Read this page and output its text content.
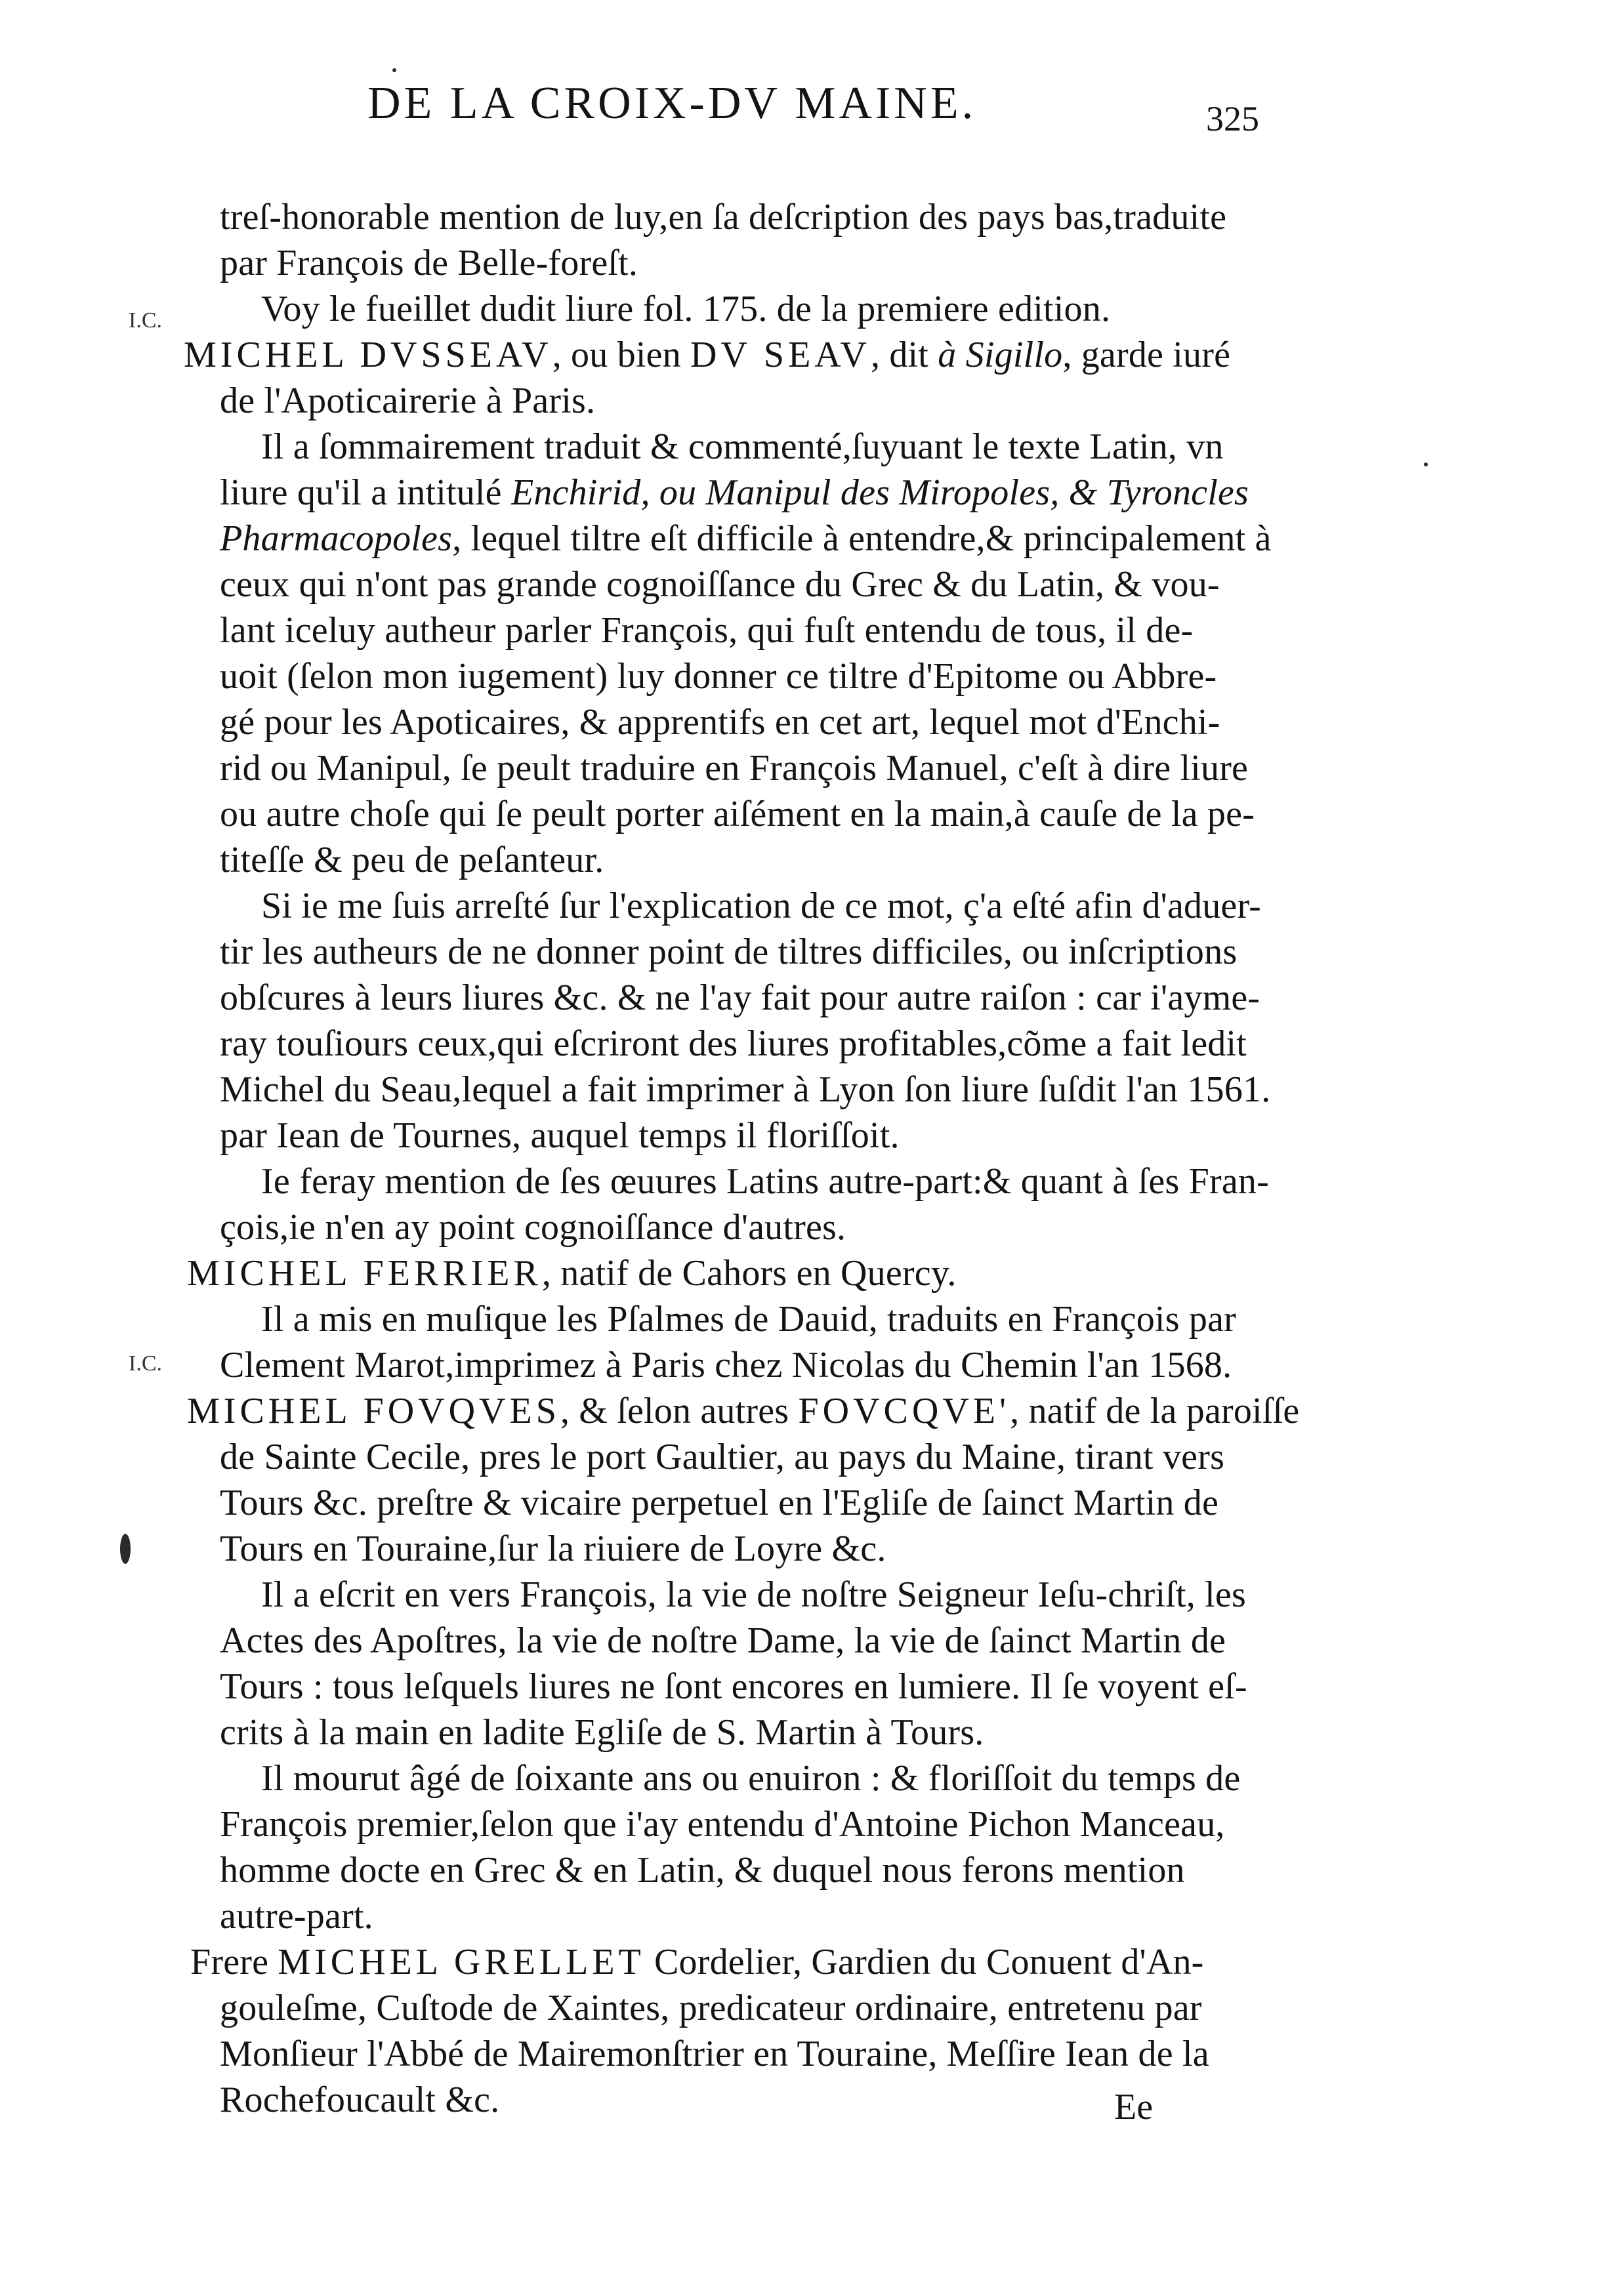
DE LA CROIX-DV MAINE.	325
I.C.
I.C.
treſ-honorable mention de luy,en ſa deſcription des pays bas,traduite
par François de Belle-foreſt.
Voy le fueillet dudit liure fol. 175. de la premiere edition.
MICHEL DVSSEAV, ou bien DV SEAV, dit à Sigillo, garde iuré
de l'Apoticairerie à Paris.
Il a ſommairement traduit & commenté,ſuyuant le texte Latin, vn
liure qu'il a intitulé Enchirid, ou Manipul des Miropoles, & Tyroncles
Pharmacopoles, lequel tiltre eſt difficile à entendre,& principalement à
ceux qui n'ont pas grande cognoiſſance du Grec & du Latin, & vou-
lant iceluy autheur parler François, qui fuſt entendu de tous, il de-
uoit (ſelon mon iugement) luy donner ce tiltre d'Epitome ou Abbre-
gé pour les Apoticaires, & apprentifs en cet art, lequel mot d'Enchi-
rid ou Manipul, ſe peult traduire en François Manuel, c'eſt à dire liure
ou autre choſe qui ſe peult porter aiſément en la main,à cauſe de la pe-
titeſſe & peu de peſanteur.
Si ie me ſuis arreſté ſur l'explication de ce mot, ç'a eſté afin d'aduer-
tir les autheurs de ne donner point de tiltres difficiles, ou inſcriptions
obſcures à leurs liures &c. & ne l'ay fait pour autre raiſon : car i'ayme-
ray touſiours ceux,qui eſcriront des liures profitables,cõme a fait ledit
Michel du Seau,lequel a fait imprimer à Lyon ſon liure ſuſdit l'an 1561.
par Iean de Tournes, auquel temps il floriſſoit.
Ie feray mention de ſes œuures Latins autre-part:& quant à ſes Fran-
çois,ie n'en ay point cognoiſſance d'autres.
MICHEL FERRIER, natif de Cahors en Quercy.
Il a mis en muſique les Pſalmes de Dauid, traduits en François par
Clement Marot,imprimez à Paris chez Nicolas du Chemin l'an 1568.
MICHEL FOVQVES, & ſelon autres FOVCQVE', natif de la paroiſſe
de Sainte Cecile, pres le port Gaultier, au pays du Maine, tirant vers
Tours &c. preſtre & vicaire perpetuel en l'Egliſe de ſainct Martin de
Tours en Touraine,ſur la riuiere de Loyre &c.
Il a eſcrit en vers François, la vie de noſtre Seigneur Ieſu-chriſt, les
Actes des Apoſtres, la vie de noſtre Dame, la vie de ſainct Martin de
Tours : tous leſquels liures ne ſont encores en lumiere. Il ſe voyent eſ-
crits à la main en ladite Egliſe de S. Martin à Tours.
Il mourut âgé de ſoixante ans ou enuiron : & floriſſoit du temps de
François premier,ſelon que i'ay entendu d'Antoine Pichon Manceau,
homme docte en Grec & en Latin, & duquel nous ferons mention
autre-part.
Frere MICHEL GRELLET Cordelier, Gardien du Conuent d'An-
gouleſme, Cuſtode de Xaintes, predicateur ordinaire, entretenu par
Monſieur l'Abbé de Mairemonſtrier en Touraine, Meſſire Iean de la
Rochefoucault &c.	Ee
